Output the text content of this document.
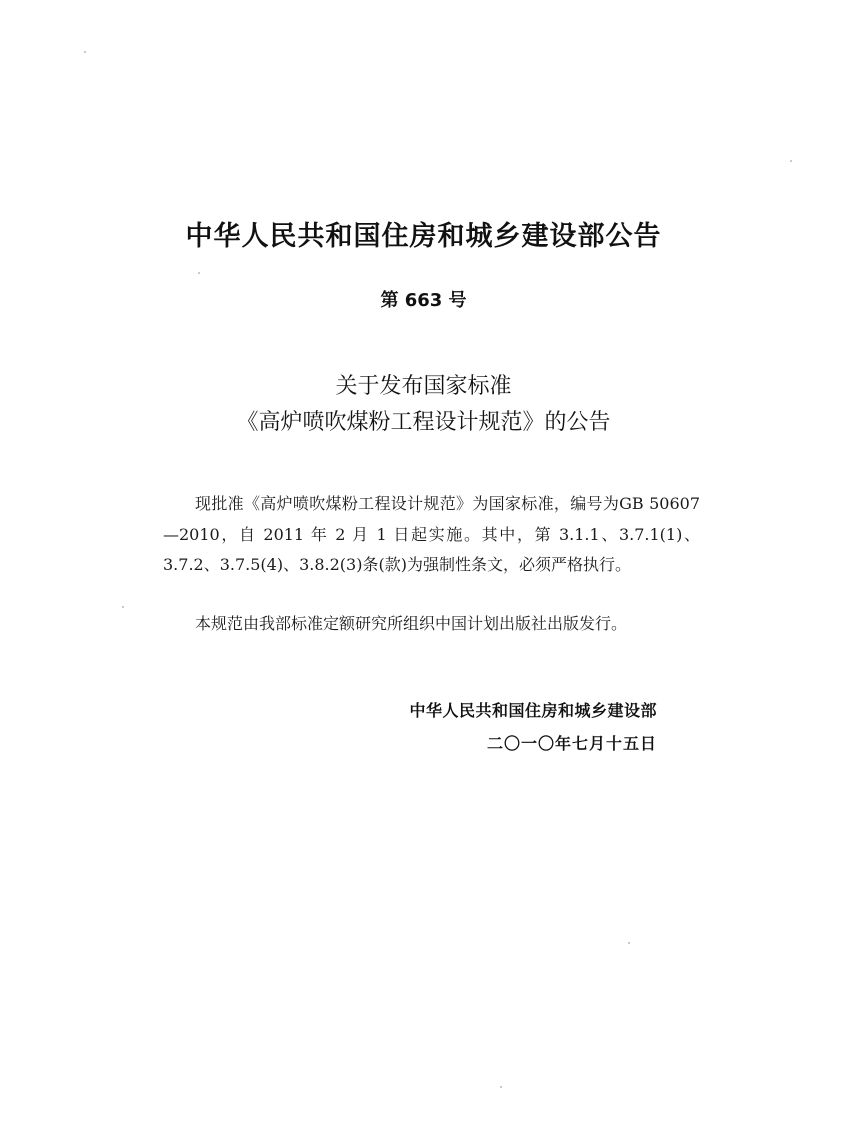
中华人民共和国住房和城乡建设部公告
第 663 号
关于发布国家标准
《高炉喷吹煤粉工程设计规范》的公告

现批准《高炉喷吹煤粉工程设计规范》为国家标准，编号为GB 50607—2010，自 2011 年 2 月 1 日起实施。其中，第 3.1.1、3.7.1(1)、3.7.2、3.7.5(4)、3.8.2(3)条(款)为强制性条文，必须严格执行。

本规范由我部标准定额研究所组织中国计划出版社出版发行。

中华人民共和国住房和城乡建设部
二〇一〇年七月十五日
